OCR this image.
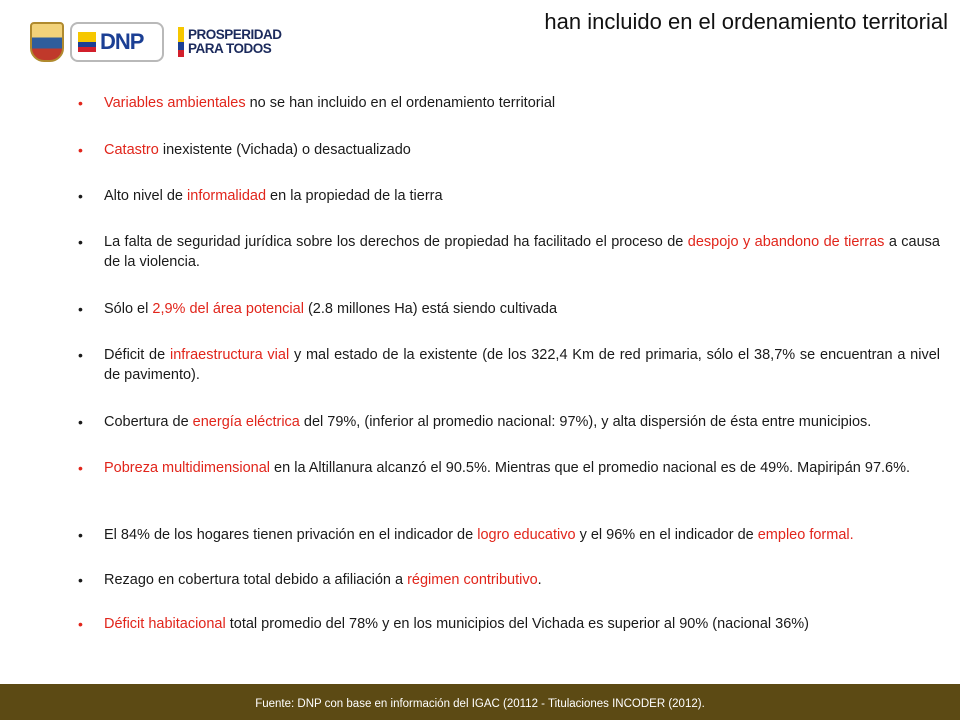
DNP	PROSPERIDAD
PARA TODOS
han incluido en el ordenamiento territorial
• Variables ambientales no se han incluido en el ordenamiento territorial
• Catastro inexistente (Vichada) o desactualizado
• Alto nivel de informalidad en la propiedad de la tierra
• La falta de seguridad jurídica sobre los derechos de propiedad ha facilitado el proceso de despojo y abandono de tierras a causa de la violencia.
• Sólo el 2,9% del área potencial (2.8 millones Ha) está siendo cultivada
• Déficit de infraestructura vial y mal estado de la existente (de los 322,4 Km de red primaria, sólo el 38,7% se encuentran a nivel de pavimento).
• Cobertura de energía eléctrica del 79%, (inferior al promedio nacional: 97%), y alta dispersión de ésta entre municipios.
• Pobreza multidimensional en la Altillanura alcanzó el 90.5%. Mientras que el promedio nacional es de 49%. Mapiripán 97.6%.
• El 84% de los hogares tienen privación en el indicador de logro educativo y el 96% en el indicador de empleo formal.
• Rezago en cobertura total debido a afiliación a régimen contributivo.
• Déficit habitacional total promedio del 78% y en los municipios del Vichada es superior al 90% (nacional 36%)
Fuente: DNP con base en información del IGAC (20112 - Titulaciones INCODER (2012).
